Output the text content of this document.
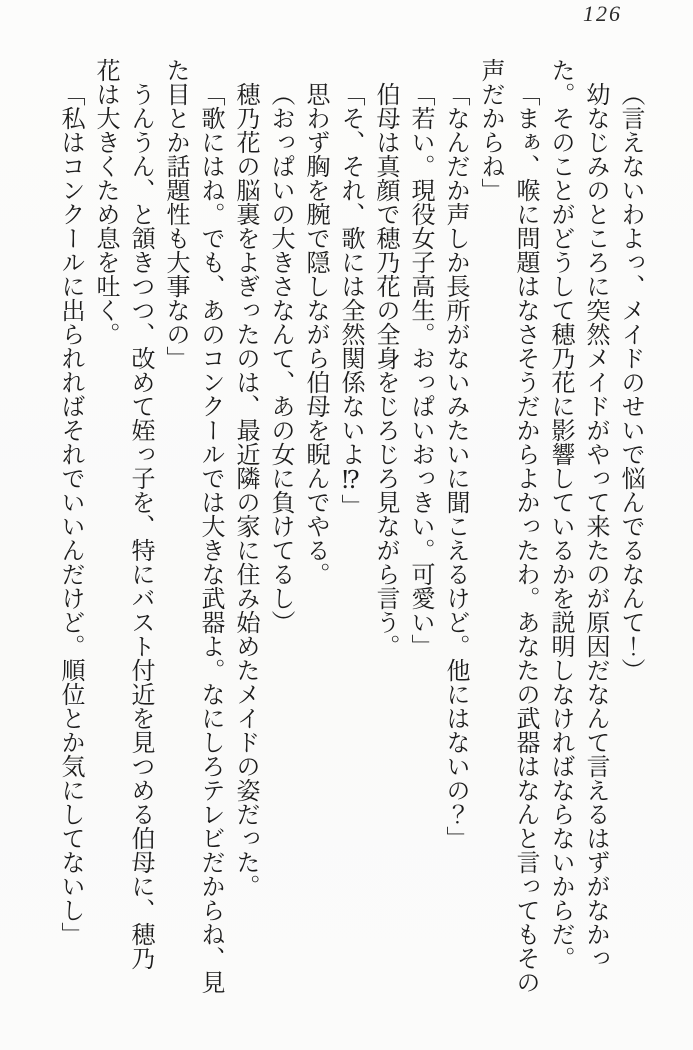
126

（言えないわよっ、メイドのせいで悩んでるなんて！）

幼なじみのところに突然メイドがやって来たのが原因だなんて言えるはずがなかっ

た。そのことがどうして穂乃花に影響しているかを説明しなければならないからだ。

「まぁ、喉に問題はなさそうだからよかったわ。あなたの武器はなんと言ってもその

声だからね」

「なんだか声しか長所がないみたいに聞こえるけど。他にはないの？」

「若い。現役女子高生。おっぱいおっきい。可愛い」

伯母は真顔で穂乃花の全身をじろじろ見ながら言う。

「そ、それ、歌には全然関係ないよ⁉」

思わず胸を腕で隠しながら伯母を睨んでやる。

（おっぱいの大きさなんて、あの女に負けてるし）

穂乃花の脳裏をよぎったのは、最近隣の家に住み始めたメイドの姿だった。

「歌にはね。でも、あのコンクールでは大きな武器よ。なにしろテレビだからね、見

た目とか話題性も大事なの」

うんうん、と頷きつつ、改めて姪っ子を、特にバスト付近を見つめる伯母に、穂乃

花は大きくため息を吐く。

「私はコンクールに出られればそれでいいんだけど。順位とか気にしてないし」
